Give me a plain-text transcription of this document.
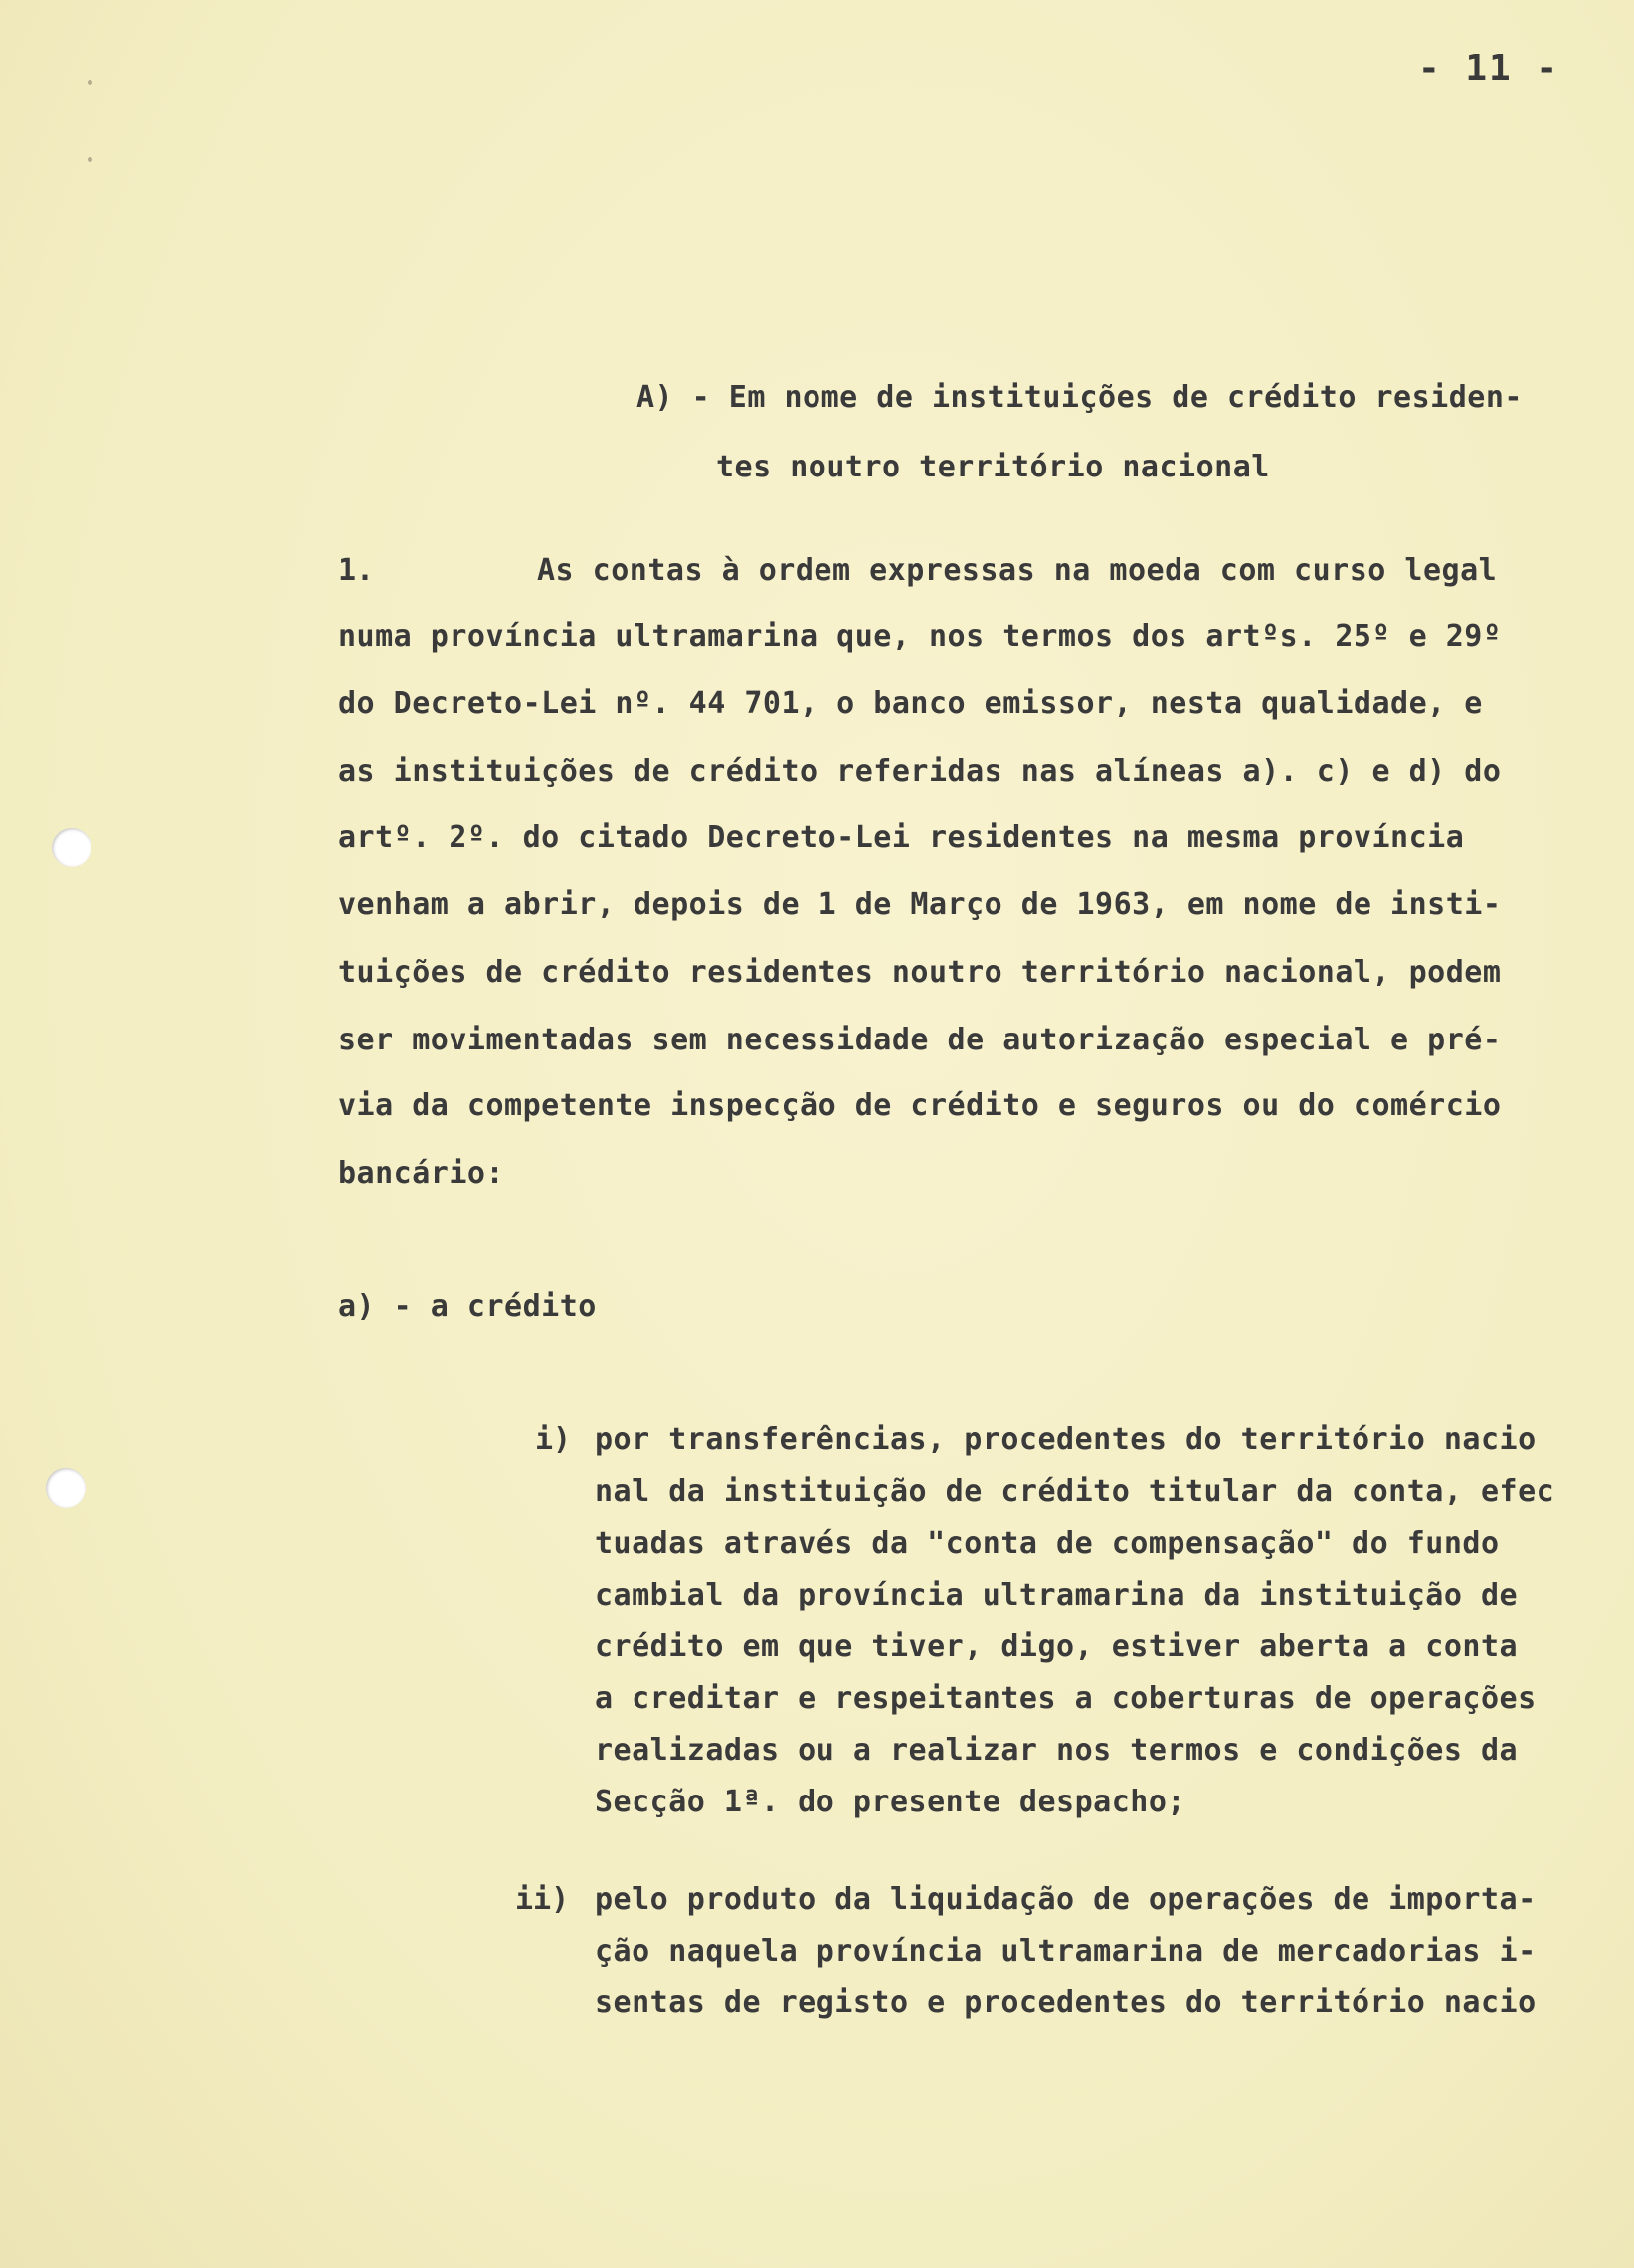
- 11 -
A) - Em nome de instituições de crédito residen-
tes noutro território nacional
1.	As contas à ordem expressas na moeda com curso legal
numa província ultramarina que, nos termos dos artºs. 25º e 29º
do Decreto-Lei nº. 44 701, o banco emissor, nesta qualidade, e
as instituições de crédito referidas nas alíneas a). c) e d) do
artº. 2º. do citado Decreto-Lei residentes na mesma província
venham a abrir, depois de 1 de Março de 1963, em nome de insti-
tuições de crédito residentes noutro território nacional, podem
ser movimentadas sem necessidade de autorização especial e pré-
via da competente inspecção de crédito e seguros ou do comércio
bancário:
a) - a crédito
i) por transferências, procedentes do território nacio
nal da instituição de crédito titular da conta, efec
tuadas através da "conta de compensação" do fundo
cambial da província ultramarina da instituição de
crédito em que tiver, digo, estiver aberta a conta
a creditar e respeitantes a coberturas de operações
realizadas ou a realizar nos termos e condições da
Secção 1ª. do presente despacho;
ii) pelo produto da liquidação de operações de importa-
ção naquela província ultramarina de mercadorias i-
sentas de registo e procedentes do território nacio
